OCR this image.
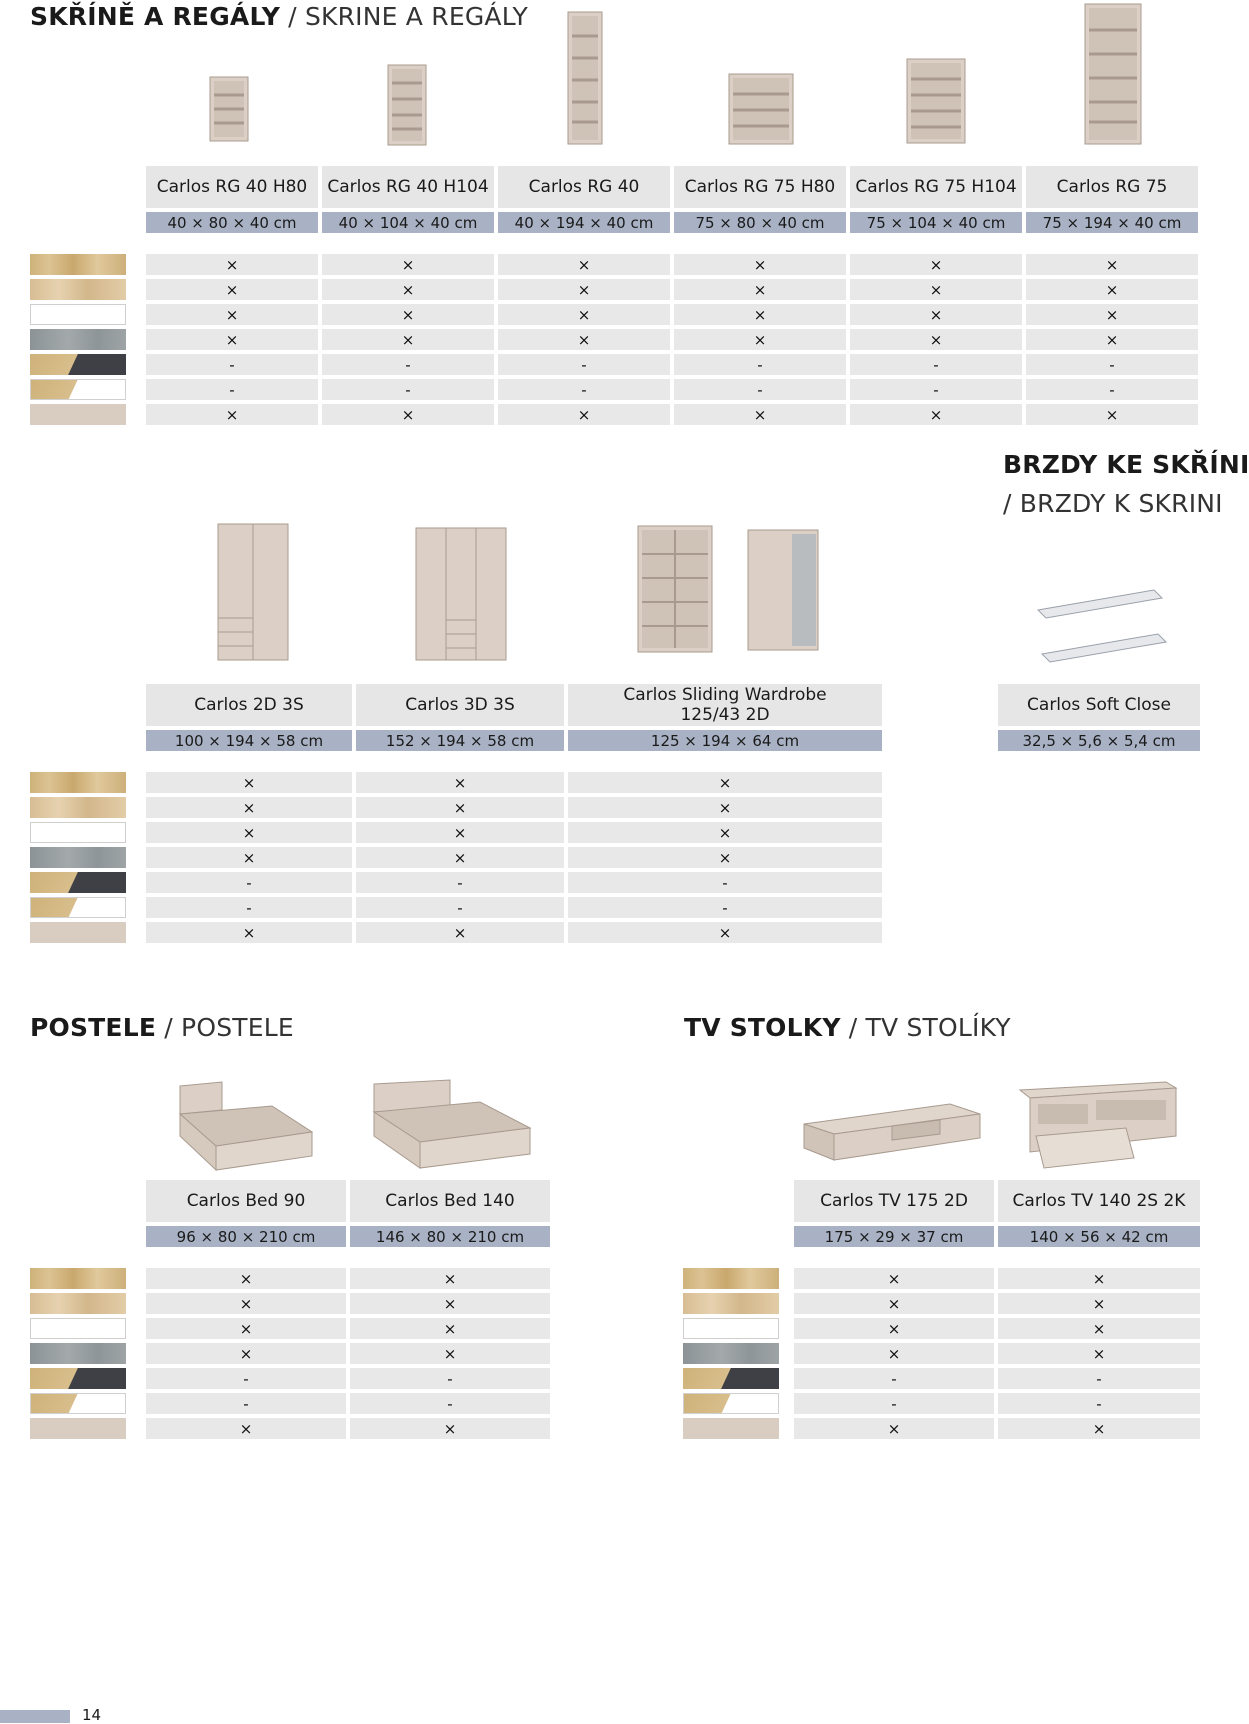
SKŘÍNĚ A REGÁLY / SKRINE A REGÁLY
BRZDY KE SKŘÍNI
/ BRZDY K SKRINI
POSTELE / POSTELE	TV STOLKY / TV STOLÍKY
Carlos RG 40 H80
40 × 80 × 40 cm
×
×
×
×
-
-
×
Carlos RG 40 H104
40 × 104 × 40 cm
×
×
×
×
-
-
×
Carlos RG 40
40 × 194 × 40 cm
×
×
×
×
-
-
×
Carlos RG 75 H80
75 × 80 × 40 cm
×
×
×
×
-
-
×
Carlos RG 75 H104
75 × 104 × 40 cm
×
×
×
×
-
-
×
Carlos RG 75
75 × 194 × 40 cm
×
×
×
×
-
-
×
Carlos 2D 3S
100 × 194 × 58 cm
×
×
×
×
-
-
×
Carlos 3D 3S
152 × 194 × 58 cm
×
×
×
×
-
-
×
Carlos Sliding Wardrobe
125/43 2D
125 × 194 × 64 cm
×
×
×
×
-
-
×
Carlos Soft Close
32,5 × 5,6 × 5,4 cm
Carlos Bed 90
96 × 80 × 210 cm
×
×
×
×
-
-
×
Carlos Bed 140
146 × 80 × 210 cm
×
×
×
×
-
-
×
Carlos TV 175 2D
175 × 29 × 37 cm
×
×
×
×
-
-
×
Carlos TV 140 2S 2K
140 × 56 × 42 cm
×
×
×
×
-
-
×
14
